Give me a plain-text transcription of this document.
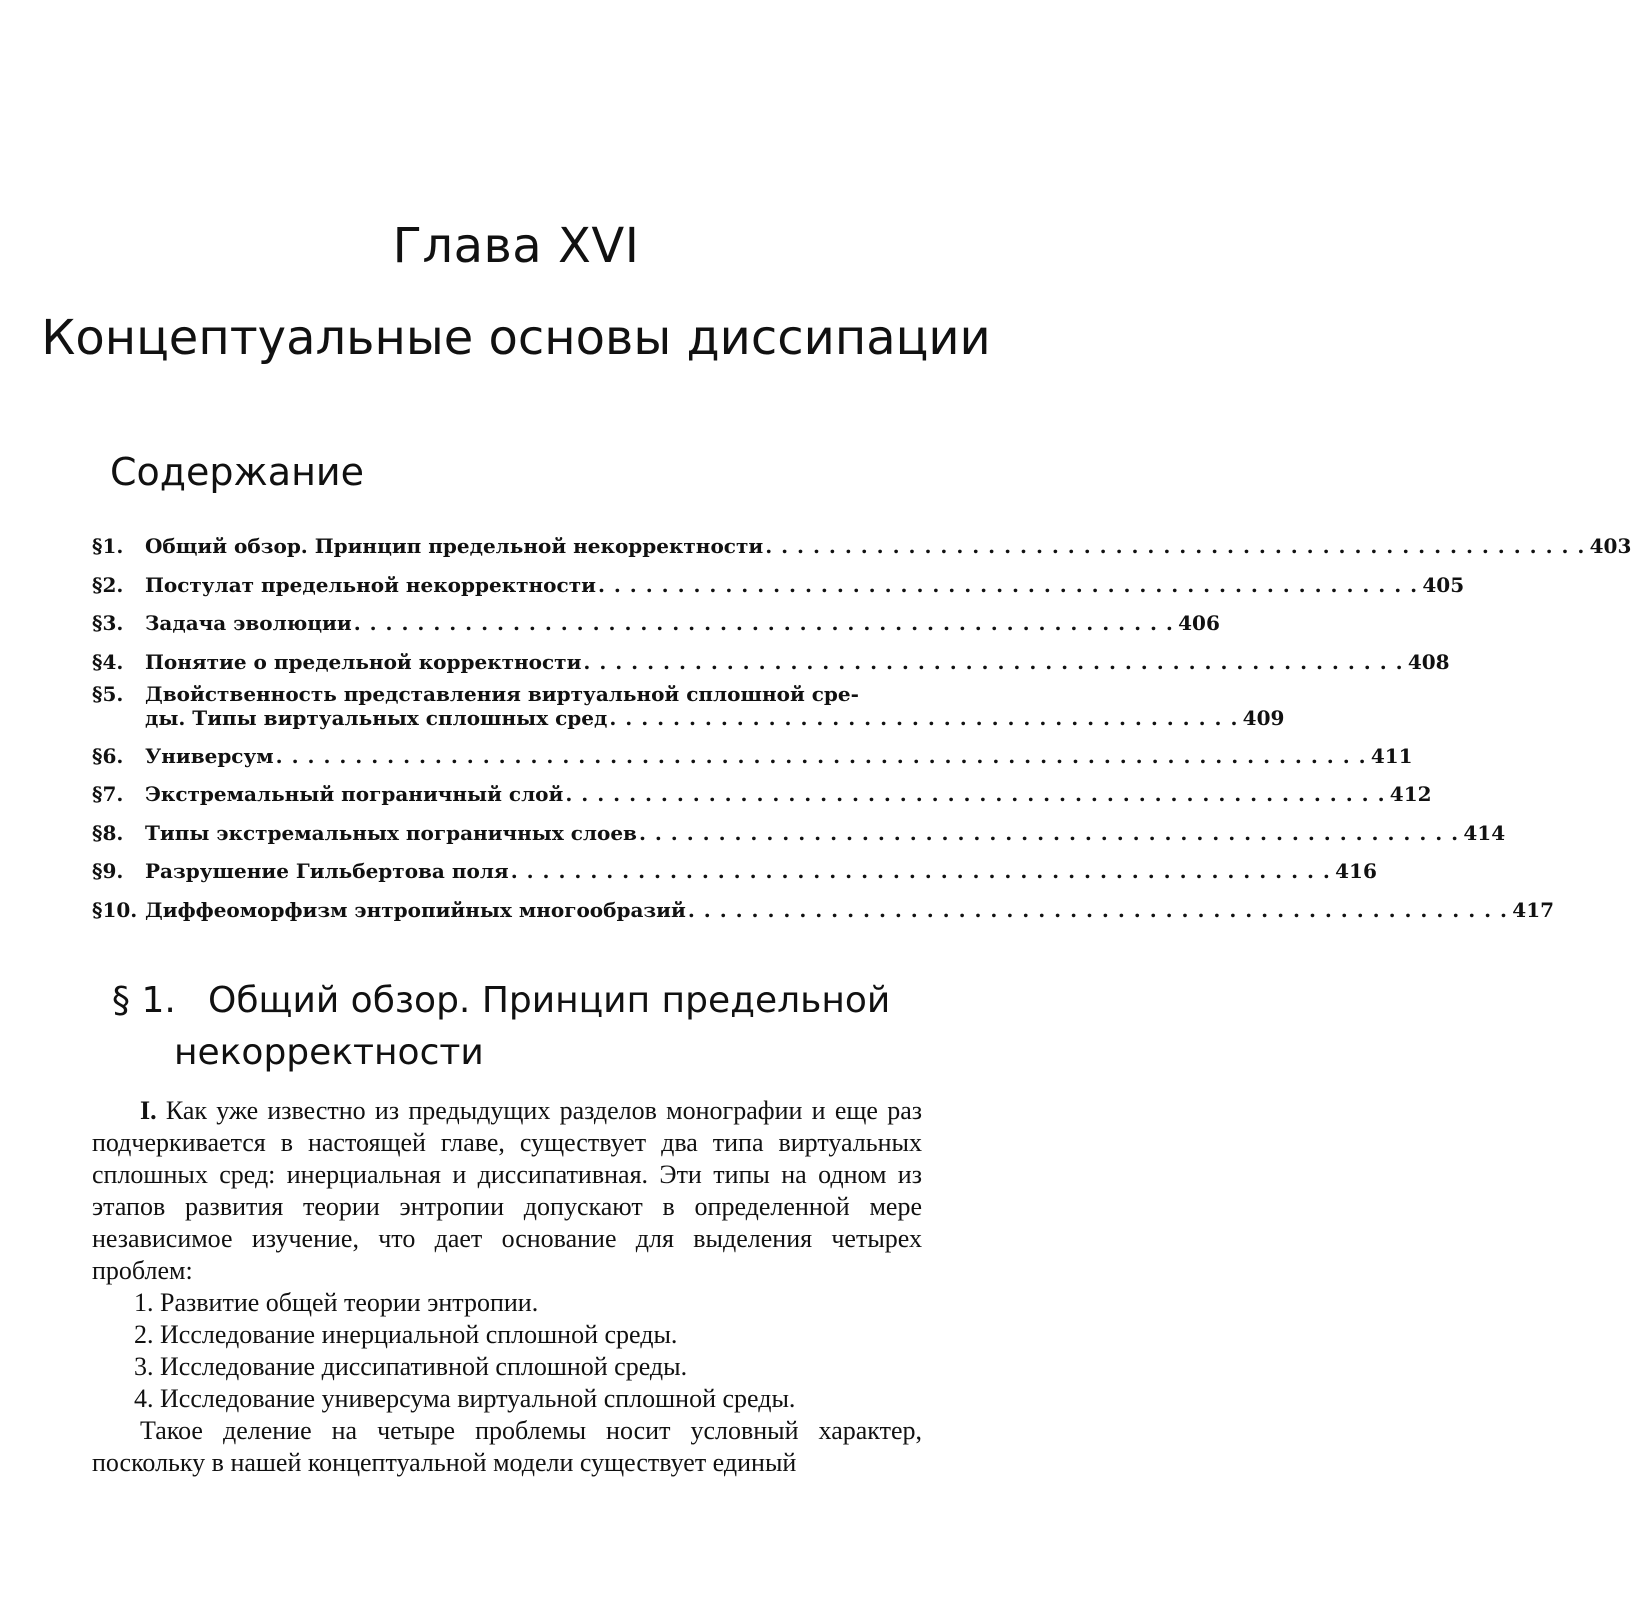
Глава XVI
Концептуальные основы диссипации
Содержание
§1.	Общий обзор. Принцип предельной некорректности . . . . . . . . . . . . . . . . . . . . . . . . . . . . . . . . . . . . . . . . . . . . . . . . . . . . 403
§2.	Постулат предельной некорректности . . . . . . . . . . . . . . . . . . . . . . . . . . . . . . . . . . . . . . . . . . . . . . . . . . . . 405
§3.	Задача эволюции . . . . . . . . . . . . . . . . . . . . . . . . . . . . . . . . . . . . . . . . . . . . . . . . . . . . 406
§4.	Понятие о предельной корректности . . . . . . . . . . . . . . . . . . . . . . . . . . . . . . . . . . . . . . . . . . . . . . . . . . . . 408
§5.	Двойственность представления виртуальной сплошной сре-
ды. Типы виртуальных сплошных сред . . . . . . . . . . . . . . . . . . . . . . . . . . . . . . . . . . . . . . . . 409
§6.	Универсум . . . . . . . . . . . . . . . . . . . . . . . . . . . . . . . . . . . . . . . . . . . . . . . . . . . . . . . . . . . . . . . . . . . . . 411
§7.	Экстремальный пограничный слой . . . . . . . . . . . . . . . . . . . . . . . . . . . . . . . . . . . . . . . . . . . . . . . . . . . . 412
§8.	Типы экстремальных пограничных слоев . . . . . . . . . . . . . . . . . . . . . . . . . . . . . . . . . . . . . . . . . . . . . . . . . . . . 414
§9.	Разрушение Гильбертова поля . . . . . . . . . . . . . . . . . . . . . . . . . . . . . . . . . . . . . . . . . . . . . . . . . . . . 416
§10. Диффеоморфизм энтропийных многообразий . . . . . . . . . . . . . . . . . . . . . . . . . . . . . . . . . . . . . . . . . . . . . . . . . . . . 417
§ 1. Общий обзор. Принцип предельной
некорректности

I. Как уже известно из предыдущих разделов монографии и еще раз подчеркивается в настоящей главе, существует два типа виртуальных сплошных сред: инерциальная и диссипативная. Эти типы на одном из этапов развития теории энтропии допускают в определенной мере независимое изучение, что дает основание для выделения четырех проблем:

1. Развитие общей теории энтропии.

2. Исследование инерциальной сплошной среды.

3. Исследование диссипативной сплошной среды.

4. Исследование универсума виртуальной сплошной среды.

Такое деление на четыре проблемы носит условный характер, поскольку в нашей концептуальной модели существует единый
